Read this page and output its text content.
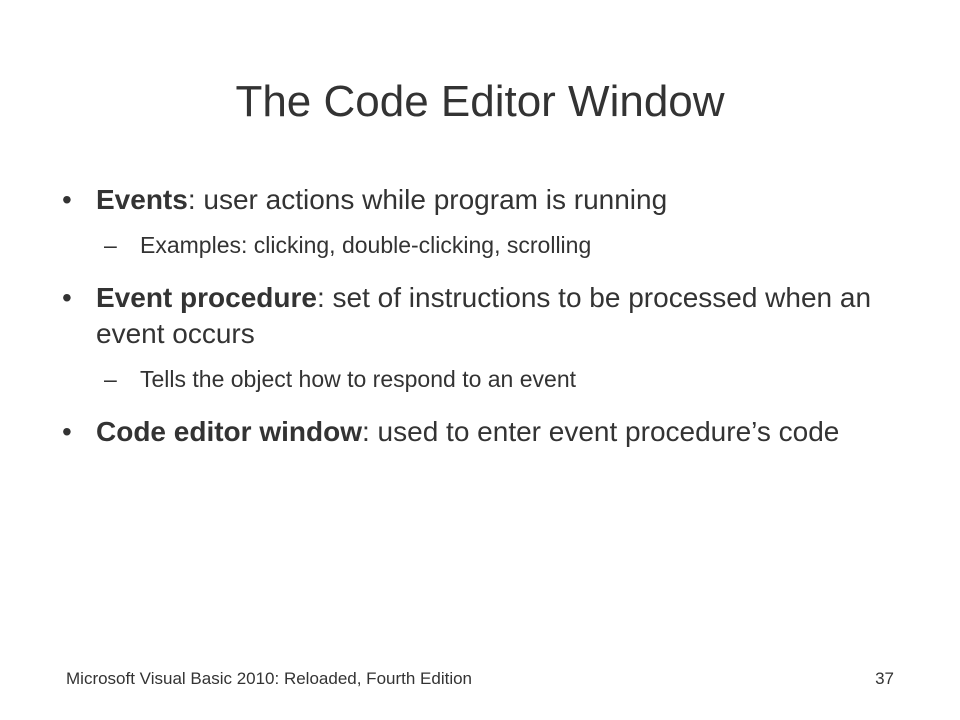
The Code Editor Window
• Events: user actions while program is running
– Examples: clicking, double-clicking, scrolling
• Event procedure: set of instructions to be processed when an event occurs
– Tells the object how to respond to an event
• Code editor window: used to enter event procedure’s code
Microsoft Visual Basic 2010: Reloaded, Fourth Edition	37
